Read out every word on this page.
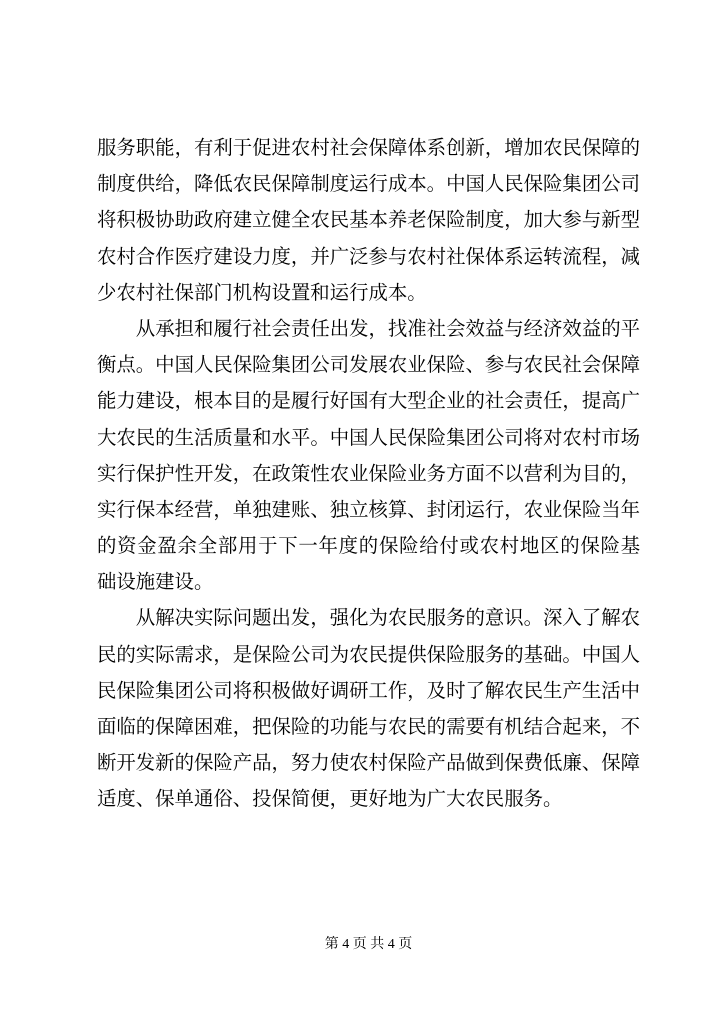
服务职能，有利于促进农村社会保障体系创新，增加农民保障的
制度供给，降低农民保障制度运行成本。中国人民保险集团公司
将积极协助政府建立健全农民基本养老保险制度，加大参与新型
农村合作医疗建设力度，并广泛参与农村社保体系运转流程，减
少农村社保部门机构设置和运行成本。
从承担和履行社会责任出发，找准社会效益与经济效益的平
衡点。中国人民保险集团公司发展农业保险、参与农民社会保障
能力建设，根本目的是履行好国有大型企业的社会责任，提高广
大农民的生活质量和水平。中国人民保险集团公司将对农村市场
实行保护性开发，在政策性农业保险业务方面不以营利为目的，
实行保本经营，单独建账、独立核算、封闭运行，农业保险当年
的资金盈余全部用于下一年度的保险给付或农村地区的保险基
础设施建设。
从解决实际问题出发，强化为农民服务的意识。深入了解农
民的实际需求，是保险公司为农民提供保险服务的基础。中国人
民保险集团公司将积极做好调研工作，及时了解农民生产生活中
面临的保障困难，把保险的功能与农民的需要有机结合起来，不
断开发新的保险产品，努力使农村保险产品做到保费低廉、保障
适度、保单通俗、投保简便，更好地为广大农民服务。
第 4 页 共 4 页
